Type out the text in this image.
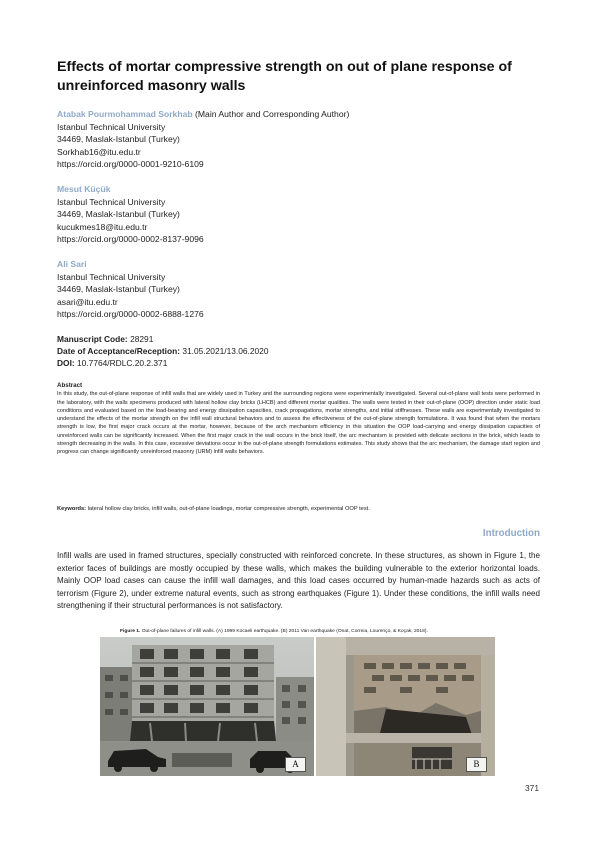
Effects of mortar compressive strength on out of plane response of unreinforced masonry walls
Atabak Pourmohammad Sorkhab (Main Author and Corresponding Author)
Istanbul Technical University
34469, Maslak-Istanbul (Turkey)
Sorkhab16@itu.edu.tr
https://orcid.org/0000-0001-9210-6109
Mesut Küçük
Istanbul Technical University
34469, Maslak-Istanbul (Turkey)
kucukmes18@itu.edu.tr
https://orcid.org/0000-0002-8137-9096
Ali Sari
Istanbul Technical University
34469, Maslak-Istanbul (Turkey)
asari@itu.edu.tr
https://orcid.org/0000-0002-6888-1276
Manuscript Code: 28291
Date of Acceptance/Reception: 31.05.2021/13.06.2020
DOI: 10.7764/RDLC.20.2.371
Abstract
In this study, the out-of-plane response of infill walls that are widely used in Turkey and the surrounding regions were experimentally investigated. Several out-of-plane wall tests were performed in the laboratory, with the walls specimens produced with lateral hollow clay bricks (LHCB) and different mortar qualities. The walls were tested in their out-of-plane (OOP) direction under static load conditions and evaluated based on the load-bearing and energy dissipation capacities, crack propagations, mortar strengths, and initial stiffnesses. These walls are experimentally investigated to understand the effects of the mortar strength on the infill wall structural behaviors and to assess the effectiveness of the out-of-plane strength formulations. It was found that when the mortars strength is low, the first major crack occurs at the mortar, however, because of the arch mechanism efficiency in this situation the OOP load-carrying and energy dissipation capacities of unreinforced walls can be significantly increased. When the first major crack in the wall occurs in the brick itself, the arc mechanism is provided with delicate sections in the brick, which leads to strength decreasing in the walls. In this case, excessive deviations occur in the out-of-plane strength formulations estimates. This study shows that the arc mechanism, the damage start region and progress can change significantly unreinforced masonry (URM) infill walls behaviors.
Keywords: lateral hollow clay bricks, infill walls, out-of-plane loadings, mortar compressive strength, experimental OOP test.
Introduction
Infill walls are used in framed structures, specially constructed with reinforced concrete. In these structures, as shown in Figure 1, the exterior faces of buildings are mostly occupied by these walls, which makes the building vulnerable to the exterior horizontal loads. Mainly OOP load cases can cause the infill wall damages, and this load cases occurred by human-made hazards such as acts of terrorism (Figure 2), under extreme natural events, such as strong earthquakes (Figure 1). Under these conditions, the infill walls need strengthening if their structural performances is not satisfactory.
Figure 1. Out-of-plane failures of infill walls. (A) 1999 Kocaeli earthquake. (B) 2011 Van earthquake (Onat, Correia, Lourenço, & Koçak, 2018).
A	B
371
